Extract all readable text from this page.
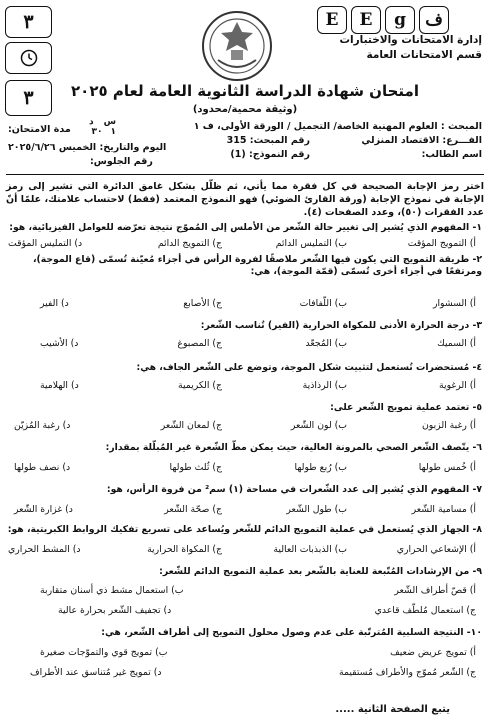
E	E	g	ف
٣
٣
إدارة الامتحانات والاختبارات
قسم الامتحانات العامة
امتحان شهادة الدراسة الثانوية العامة لعام ٢٠٢٥
(وثيقة محمية/محدود)
المبحث : العلوم المهنية الخاصة/ التجميل / الورقة الأولى، ف ١
الفـــرع: الاقتصاد المنزلي
اسم الطالب:
رقم المبحث: 315
رقم النموذج: (1)
مدة الامتحان:
س
د
١
٣٠
اليوم والتاريخ: الخميس ٢٠٢٥/٦/٢٦
رقم الجلوس:
اختر رمز الإجابة الصحيحة في كل فقرة مما يأتي، ثم ظلّل بشكل غامق الدائرة التي تشير إلى رمز الإجابة في نموذج الإجابة (ورقة القارئ الضوئي) فهو النموذج المعتمد (فقط) لاحتساب علامتك، علمًا أنّ عدد الفقرات (٥٠)، وعدد الصفحات (٤).
١- المفهوم الذي يُشير إلى تغيير حالة الشّعر من الأملس إلى المُموّج نتيجة تعرّضه للعوامل الفيزيائية، هو:
أ) التمويج المؤقت
ب) التمليس الدائم
ج) التمويج الدائم
د) التمليس المؤقت
٢- طريقة التمويج التي يكون فيها الشّعر ملاصقًا لفروة الرأس في أجزاء مُعيّنة تُسمّى (قاع الموجة)، ومرتفعًا في أجزاء أخرى تُسمّى (قمّة الموجة)، هي:
أ) السشوار
ب) اللّفافات
ج) الأصابع
د) الفير
٣- درجة الحرارة الأدنى للمكواة الحرارية (الفير) تُناسب الشّعر:
أ) السميك
ب) المُجعّد
ج) المصبوغ
د) الأشيب
٤- مُستحضرات تُستعمل لتثبيت شكل الموجة، وتوضع على الشّعر الجاف، هي:
أ) الرغوية
ب) الرذاذية
ج) الكريمية
د) الهلامية
٥- تعتمد عملية تمويج الشّعر على:
أ) رغبة الزبون
ب) لون الشّعر
ج) لمعان الشّعر
د) رغبة المُزيّن
٦- يتّصف الشّعر الصحي بالمرونة العالية، حيث يمكن مطّ الشّعرة غير المُبلّلة بمقدار:
أ) خُمس طولها
ب) رُبع طولها
ج) ثُلث طولها
د) نصف طولها
٧- المفهوم الذي يُشير إلى عدد الشّعرات في مساحة (١) سم² من فروة الرأس، هو:
أ) مسامية الشّعر
ب) طول الشّعر
ج) صحّة الشّعر
د) غزارة الشّعر
٨- الجهاز الذي يُستعمل في عملية التمويج الدائم للشّعر ويُساعد على تسريع تفكيك الروابط الكبريتية، هو:
أ) الإشعاعي الحراري
ب) الذبذبات العالية
ج) المكواة الحرارية
د) المشط الحراري
٩- من الإرشادات المُتّبعة للعناية بالشّعر بعد عملية التمويج الدائم للشّعر:
أ) قصّ أطراف الشّعر
ب) استعمال مشط ذي أسنان متقاربة
ج) استعمال مُلطّف قاعدي
د) تجفيف الشّعر بحرارة عالية
١٠- النتيجة السلبية المُترتّبة على عدم وصول محلول التمويج إلى أطراف الشّعر، هي:
أ) تمويج عريض ضعيف
ب) تمويج قوي والتموّجات صغيرة
ج) الشّعر مُموّج والأطراف مُستقيمة
د) تمويج غير مُتناسق عند الأطراف
يتبع الصفحة الثانية .....
